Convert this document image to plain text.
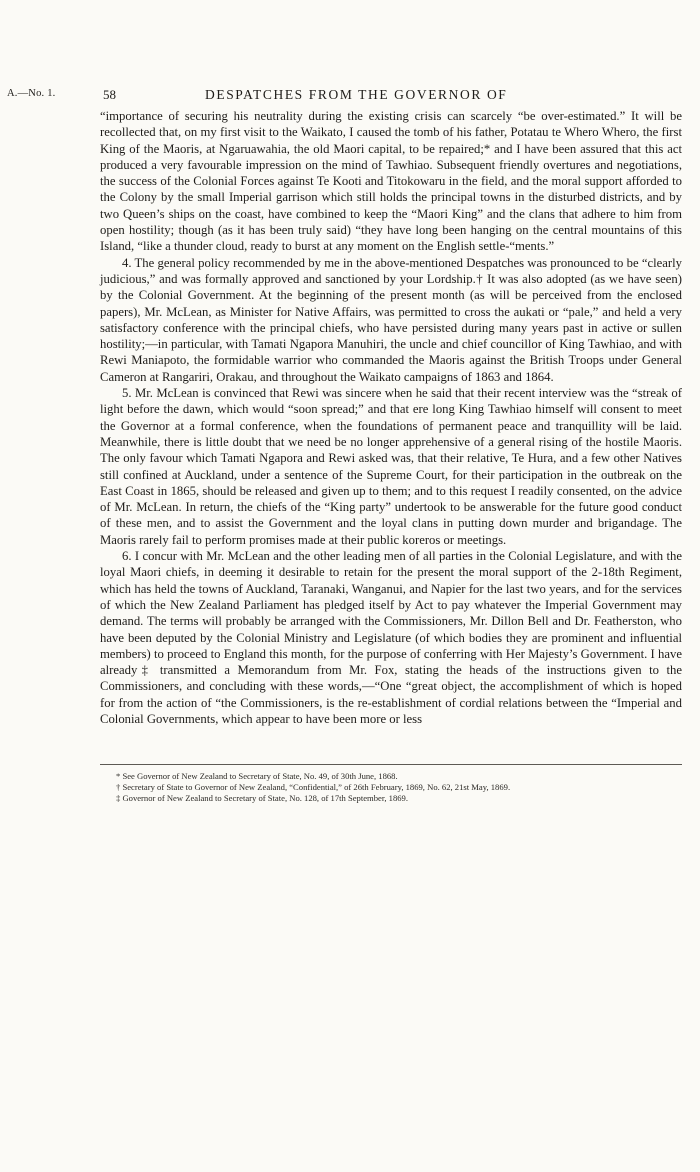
A.—No. 1.	58	DESPATCHES FROM THE GOVERNOR OF

“importance of securing his neutrality during the existing crisis can scarcely “be over-estimated.” It will be recollected that, on my first visit to the Waikato, I caused the tomb of his father, Potatau te Whero Whero, the first King of the Maoris, at Ngaruawahia, the old Maori capital, to be repaired;* and I have been assured that this act produced a very favourable impression on the mind of Tawhiao. Subsequent friendly overtures and negotiations, the success of the Colonial Forces against Te Kooti and Titokowaru in the field, and the moral support afforded to the Colony by the small Imperial garrison which still holds the principal towns in the disturbed districts, and by two Queen’s ships on the coast, have combined to keep the “Maori King” and the clans that adhere to him from open hostility; though (as it has been truly said) “they have long been hanging on the central mountains of this Island, “like a thunder cloud, ready to burst at any moment on the English settle-“ments.”

4. The general policy recommended by me in the above-mentioned Despatches was pronounced to be “clearly judicious,” and was formally approved and sanctioned by your Lordship.† It was also adopted (as we have seen) by the Colonial Government. At the beginning of the present month (as will be perceived from the enclosed papers), Mr. McLean, as Minister for Native Affairs, was permitted to cross the aukati or “pale,” and held a very satisfactory conference with the principal chiefs, who have persisted during many years past in active or sullen hostility;—in particular, with Tamati Ngapora Manuhiri, the uncle and chief councillor of King Tawhiao, and with Rewi Maniapoto, the formidable warrior who commanded the Maoris against the British Troops under General Cameron at Rangariri, Orakau, and throughout the Waikato campaigns of 1863 and 1864.

5. Mr. McLean is convinced that Rewi was sincere when he said that their recent interview was the “streak of light before the dawn, which would “soon spread;” and that ere long King Tawhiao himself will consent to meet the Governor at a formal conference, when the foundations of permanent peace and tranquillity will be laid. Meanwhile, there is little doubt that we need be no longer apprehensive of a general rising of the hostile Maoris. The only favour which Tamati Ngapora and Rewi asked was, that their relative, Te Hura, and a few other Natives still confined at Auckland, under a sentence of the Supreme Court, for their participation in the outbreak on the East Coast in 1865, should be released and given up to them; and to this request I readily consented, on the advice of Mr. McLean. In return, the chiefs of the “King party” undertook to be answerable for the future good conduct of these men, and to assist the Government and the loyal clans in putting down murder and brigandage. The Maoris rarely fail to perform promises made at their public koreros or meetings.

6. I concur with Mr. McLean and the other leading men of all parties in the Colonial Legislature, and with the loyal Maori chiefs, in deeming it desirable to retain for the present the moral support of the 2-18th Regiment, which has held the towns of Auckland, Taranaki, Wanganui, and Napier for the last two years, and for the services of which the New Zealand Parliament has pledged itself by Act to pay whatever the Imperial Government may demand. The terms will probably be arranged with the Commissioners, Mr. Dillon Bell and Dr. Featherston, who have been deputed by the Colonial Ministry and Legislature (of which bodies they are prominent and influential members) to proceed to England this month, for the purpose of conferring with Her Majesty’s Government. I have already‡ transmitted a Memorandum from Mr. Fox, stating the heads of the instructions given to the Commissioners, and concluding with these words,—“One “great object, the accomplishment of which is hoped for from the action of “the Commissioners, is the re-establishment of cordial relations between the “Imperial and Colonial Governments, which appear to have been more or less

* See Governor of New Zealand to Secretary of State, No. 49, of 30th June, 1868.

† Secretary of State to Governor of New Zealand, “Confidential,” of 26th February, 1869, No. 62, 21st May, 1869.

‡ Governor of New Zealand to Secretary of State, No. 128, of 17th September, 1869.
